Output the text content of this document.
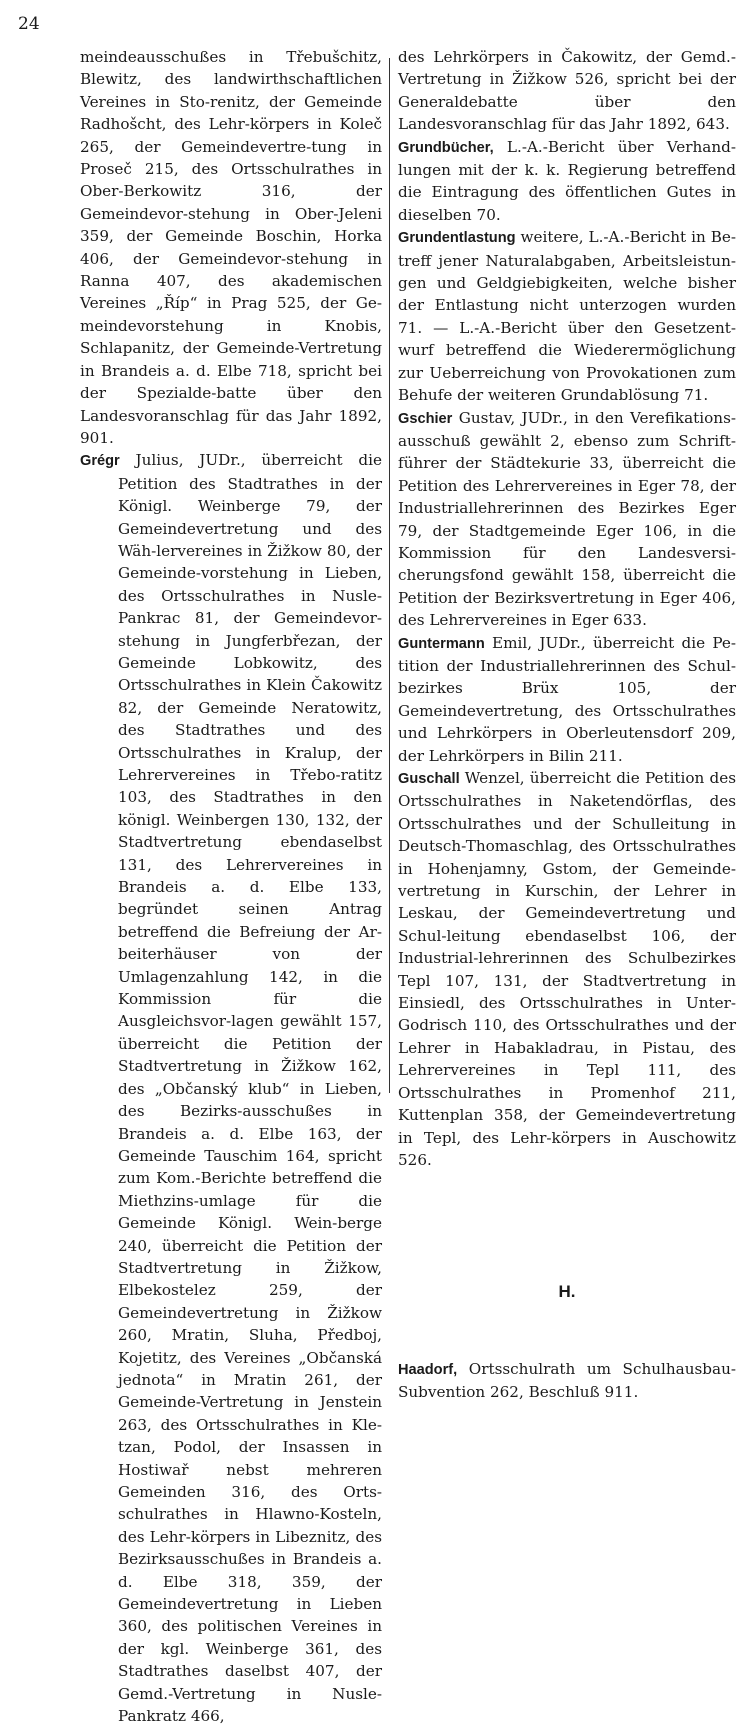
24

meindeausschußes in Třebušchitz, Blewitz, des landwirthschaftlichen Vereines in Sto-renitz, der Gemeinde Radhošcht, des Lehr-körpers in Koleč 265, der Gemeindevertre-tung in Proseč 215, des Ortsschulrathes in Ober-Berkowitz 316, der Gemeindevor-stehung in Ober-Jeleni 359, der Gemeinde Boschin, Horka 406, der Gemeindevor-stehung in Ranna 407, des akademischen Vereines „Říp“ in Prag 525, der Ge-meindevorstehung in Knobis, Schlapanitz, der Gemeinde-Vertretung in Brandeis a. d. Elbe 718, spricht bei der Spezialde-batte über den Landesvoranschlag für das Jahr 1892, 901.

Grégr Julius, JUDr., überreicht die Petition des Stadtrathes in der Königl. Weinberge 79, der Gemeindevertretung und des Wäh-lervereines in Žižkow 80, der Gemeinde-vorstehung in Lieben, des Ortsschulrathes in Nusle-Pankrac 81, der Gemeindevor-stehung in Jungferbřezan, der Gemeinde Lobkowitz, des Ortsschulrathes in Klein Čakowitz 82, der Gemeinde Neratowitz, des Stadtrathes und des Ortsschulrathes in Kralup, der Lehrervereines in Třebo-ratitz 103, des Stadtrathes in den königl. Weinbergen 130, 132, der Stadtvertretung ebendaselbst 131, des Lehrervereines in Brandeis a. d. Elbe 133, begründet seinen Antrag betreffend die Befreiung der Ar-beiterhäuser von der Umlagenzahlung 142, in die Kommission für die Ausgleichsvor-lagen gewählt 157, überreicht die Petition der Stadtvertretung in Žižkow 162, des „Občanský klub“ in Lieben, des Bezirks-ausschußes in Brandeis a. d. Elbe 163, der Gemeinde Tauschim 164, spricht zum Kom.-Berichte betreffend die Miethzins-umlage für die Gemeinde Königl. Wein-berge 240, überreicht die Petition der Stadtvertretung in Žižkow, Elbekostelez 259, der Gemeindevertretung in Žižkow 260, Mratin, Sluha, Předboj, Kojetitz, des Vereines „Občanská jednota“ in Mratin 261, der Gemeinde-Vertretung in Jenstein 263, des Ortsschulrathes in Kle-tzan, Podol, der Insassen in Hostiwař nebst mehreren Gemeinden 316, des Orts-schulrathes in Hlawno-Kosteln, des Lehr-körpers in Libeznitz, des Bezirksausschußes in Brandeis a. d. Elbe 318, 359, der Gemeindevertretung in Lieben 360, des politischen Vereines in der kgl. Weinberge 361, des Stadtrathes daselbst 407, der Gemd.-Vertretung in Nusle-Pankratz 466,

des Lehrkörpers in Čakowitz, der Gemd.-Vertretung in Žižkow 526, spricht bei der Generaldebatte über den Landesvoranschlag für das Jahr 1892, 643.

Grundbücher, L.-A.-Bericht über Verhand-lungen mit der k. k. Regierung betreffend die Eintragung des öffentlichen Gutes in dieselben 70.

Grundentlastung weitere, L.-A.-Bericht in Be-treff jener Naturalabgaben, Arbeitsleistun-gen und Geldgiebigkeiten, welche bisher der Entlastung nicht unterzogen wurden 71. — L.-A.-Bericht über den Gesetzent-wurf betreffend die Wiederermöglichung zur Ueberreichung von Provokationen zum Behufe der weiteren Grundablösung 71.

Gschier Gustav, JUDr., in den Verefikations-ausschuß gewählt 2, ebenso zum Schrift-führer der Städtekurie 33, überreicht die Petition des Lehrervereines in Eger 78, der Industriallehrerinnen des Bezirkes Eger 79, der Stadtgemeinde Eger 106, in die Kommission für den Landesversi-cherungsfond gewählt 158, überreicht die Petition der Bezirksvertretung in Eger 406, des Lehrervereines in Eger 633.

Guntermann Emil, JUDr., überreicht die Pe-tition der Industriallehrerinnen des Schul-bezirkes Brüx 105, der Gemeindevertretung, des Ortsschulrathes und Lehrkörpers in Oberleutensdorf 209, der Lehrkörpers in Bilin 211.

Guschall Wenzel, überreicht die Petition des Ortsschulrathes in Naketendörflas, des Ortsschulrathes und der Schulleitung in Deutsch-Thomaschlag, des Ortsschulrathes in Hohenjamny, Gstom, der Gemeinde-vertretung in Kurschin, der Lehrer in Leskau, der Gemeindevertretung und Schul-leitung ebendaselbst 106, der Industrial-lehrerinnen des Schulbezirkes Tepl 107, 131, der Stadtvertretung in Einsiedl, des Ortsschulrathes in Unter-Godrisch 110, des Ortsschulrathes und der Lehrer in Habakladrau, in Pistau, des Lehrervereines in Tepl 111, des Ortsschulrathes in Promenhof 211, Kuttenplan 358, der Gemeindevertretung in Tepl, des Lehr-körpers in Auschowitz 526.

H.

Haadorf, Ortsschulrath um Schulhausbau-Subvention 262, Beschluß 911.
